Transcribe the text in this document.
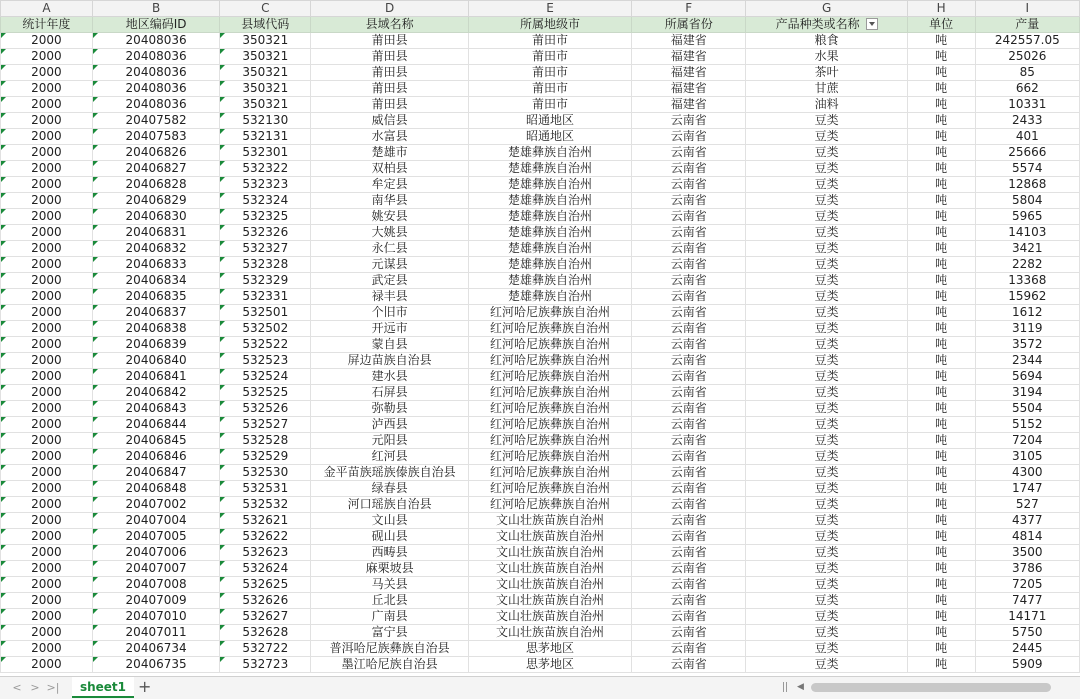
A	B	C	D	E	F	G	H	I
统计年度	地区编码ID	县域代码	县域名称	所属地级市	所属省份	产品种类或名称	单位	产量
2000	20408036	350321	莆田县	莆田市	福建省	粮食	吨	242557.05
2000	20408036	350321	莆田县	莆田市	福建省	水果	吨	25026
2000	20408036	350321	莆田县	莆田市	福建省	茶叶	吨	85
2000	20408036	350321	莆田县	莆田市	福建省	甘蔗	吨	662
2000	20408036	350321	莆田县	莆田市	福建省	油料	吨	10331
2000	20407582	532130	威信县	昭通地区	云南省	豆类	吨	2433
2000	20407583	532131	水富县	昭通地区	云南省	豆类	吨	401
2000	20406826	532301	楚雄市	楚雄彝族自治州	云南省	豆类	吨	25666
2000	20406827	532322	双柏县	楚雄彝族自治州	云南省	豆类	吨	5574
2000	20406828	532323	牟定县	楚雄彝族自治州	云南省	豆类	吨	12868
2000	20406829	532324	南华县	楚雄彝族自治州	云南省	豆类	吨	5804
2000	20406830	532325	姚安县	楚雄彝族自治州	云南省	豆类	吨	5965
2000	20406831	532326	大姚县	楚雄彝族自治州	云南省	豆类	吨	14103
2000	20406832	532327	永仁县	楚雄彝族自治州	云南省	豆类	吨	3421
2000	20406833	532328	元谋县	楚雄彝族自治州	云南省	豆类	吨	2282
2000	20406834	532329	武定县	楚雄彝族自治州	云南省	豆类	吨	13368
2000	20406835	532331	禄丰县	楚雄彝族自治州	云南省	豆类	吨	15962
2000	20406837	532501	个旧市	红河哈尼族彝族自治州	云南省	豆类	吨	1612
2000	20406838	532502	开远市	红河哈尼族彝族自治州	云南省	豆类	吨	3119
2000	20406839	532522	蒙自县	红河哈尼族彝族自治州	云南省	豆类	吨	3572
2000	20406840	532523	屏边苗族自治县	红河哈尼族彝族自治州	云南省	豆类	吨	2344
2000	20406841	532524	建水县	红河哈尼族彝族自治州	云南省	豆类	吨	5694
2000	20406842	532525	石屏县	红河哈尼族彝族自治州	云南省	豆类	吨	3194
2000	20406843	532526	弥勒县	红河哈尼族彝族自治州	云南省	豆类	吨	5504
2000	20406844	532527	泸西县	红河哈尼族彝族自治州	云南省	豆类	吨	5152
2000	20406845	532528	元阳县	红河哈尼族彝族自治州	云南省	豆类	吨	7204
2000	20406846	532529	红河县	红河哈尼族彝族自治州	云南省	豆类	吨	3105
2000	20406847	532530	金平苗族瑶族傣族自治县	红河哈尼族彝族自治州	云南省	豆类	吨	4300
2000	20406848	532531	绿春县	红河哈尼族彝族自治州	云南省	豆类	吨	1747
2000	20407002	532532	河口瑶族自治县	红河哈尼族彝族自治州	云南省	豆类	吨	527
2000	20407004	532621	文山县	文山壮族苗族自治州	云南省	豆类	吨	4377
2000	20407005	532622	砚山县	文山壮族苗族自治州	云南省	豆类	吨	4814
2000	20407006	532623	西畴县	文山壮族苗族自治州	云南省	豆类	吨	3500
2000	20407007	532624	麻栗坡县	文山壮族苗族自治州	云南省	豆类	吨	3786
2000	20407008	532625	马关县	文山壮族苗族自治州	云南省	豆类	吨	7205
2000	20407009	532626	丘北县	文山壮族苗族自治州	云南省	豆类	吨	7477
2000	20407010	532627	广南县	文山壮族苗族自治州	云南省	豆类	吨	14171
2000	20407011	532628	富宁县	文山壮族苗族自治州	云南省	豆类	吨	5750
2000	20406734	532722	普洱哈尼族彝族自治县	思茅地区	云南省	豆类	吨	2445
2000	20406735	532723	墨江哈尼族自治县	思茅地区	云南省	豆类	吨	5909
< > >|	sheet1 +	◀
